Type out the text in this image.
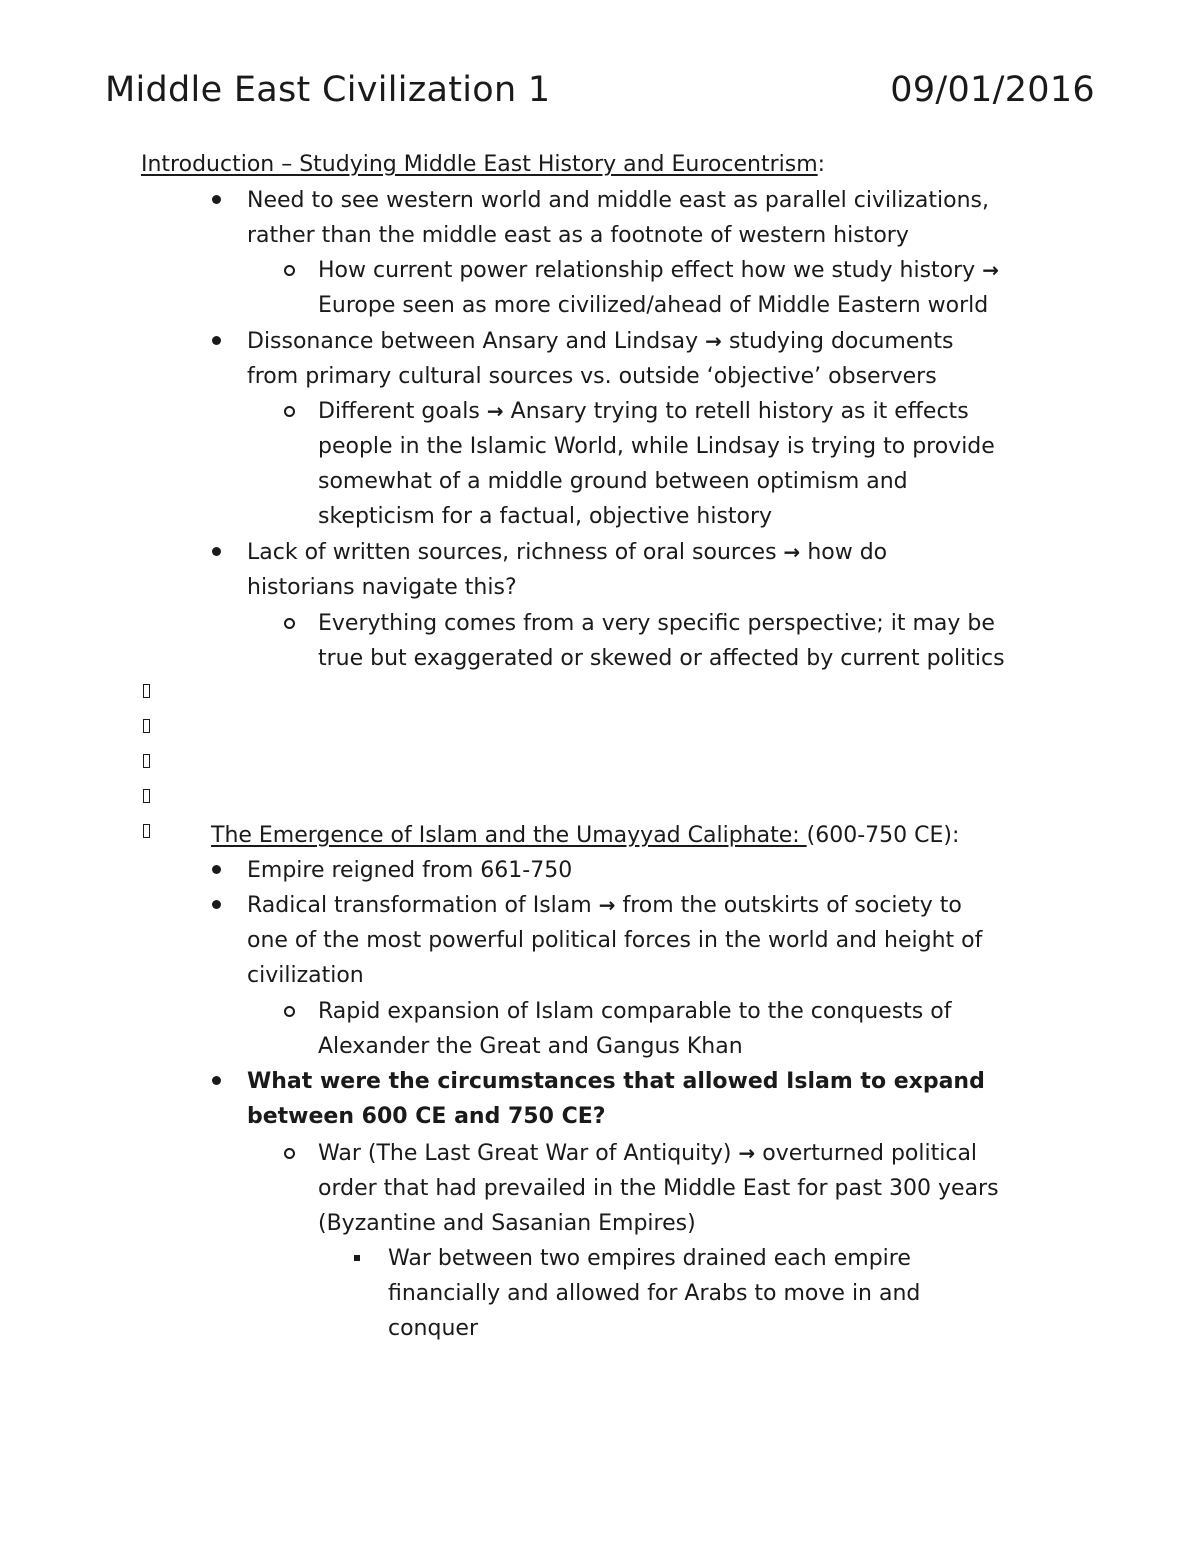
Middle East Civilization 1	09/01/2016
Introduction – Studying Middle East History and Eurocentrism:
Need to see western world and middle east as parallel civilizations,
rather than the middle east as a footnote of western history
How current power relationship effect how we study history →
Europe seen as more civilized/ahead of Middle Eastern world
Dissonance between Ansary and Lindsay → studying documents
from primary cultural sources vs. outside ‘objective’ observers
Different goals → Ansary trying to retell history as it effects
people in the Islamic World, while Lindsay is trying to provide
somewhat of a middle ground between optimism and
skepticism for a factual, objective history
Lack of written sources, richness of oral sources → how do
historians navigate this?
Everything comes from a very specific perspective; it may be
true but exaggerated or skewed or affected by current politics
The Emergence of Islam and the Umayyad Caliphate: (600-750 CE):
Empire reigned from 661-750
Radical transformation of Islam → from the outskirts of society to
one of the most powerful political forces in the world and height of
civilization
Rapid expansion of Islam comparable to the conquests of
Alexander the Great and Gangus Khan
What were the circumstances that allowed Islam to expand
between 600 CE and 750 CE?
War (The Last Great War of Antiquity) → overturned political
order that had prevailed in the Middle East for past 300 years
(Byzantine and Sasanian Empires)
War between two empires drained each empire
financially and allowed for Arabs to move in and
conquer
